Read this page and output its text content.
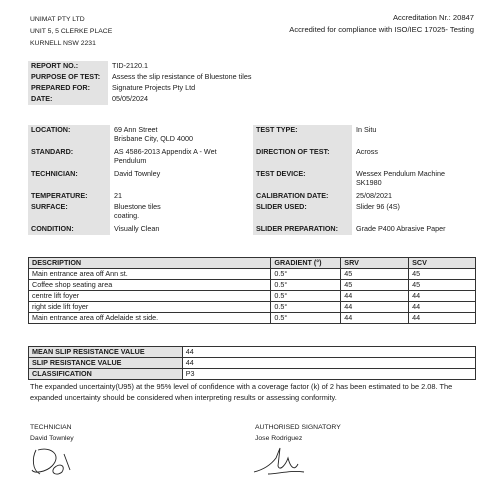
UNIMAT PTY LTD
UNIT 5, 5 CLERKE PLACE
KURNELL NSW 2231
Accreditation Nr.: 20847
Accredited for compliance with ISO/IEC 17025- Testing
REPORT NO.:	TID-2120.1
PURPOSE OF TEST:	Assess the slip resistance of Bluestone tiles
PREPARED FOR:	Signature Projects Pty Ltd
DATE:	05/05/2024
LOCATION:	69 Ann Street
Brisbane City, QLD 4000
STANDARD:	AS 4586-2013 Appendix A - Wet
Pendulum
TECHNICIAN:	David Townley
TEMPERATURE:	21
SURFACE:	Bluestone tiles
coating.
CONDITION:	Visually Clean
TEST TYPE:	In Situ
DIRECTION OF TEST:	Across
TEST DEVICE:	Wessex Pendulum Machine
SK1980
CALIBRATION DATE:	25/08/2021
SLIDER USED:	Slider 96 (4S)
SLIDER PREPARATION:	Grade P400 Abrasive Paper
DESCRIPTION	GRADIENT (°)	SRV	SCV
Main entrance area off Ann st.	0.5°	45	45
Coffee shop seating area	0.5°	45	45
centre lift foyer	0.5°	44	44
right side lift foyer	0.5°	44	44
Main entrance area off Adelaide st side.	0.5°	44	44
MEAN SLIP RESISTANCE VALUE	44
SLIP RESISTANCE VALUE	44
CLASSIFICATION	P3
The expanded uncertainty(U95) at the 95% level of confidence with a coverage factor (k) of 2 has been estimated to be 2.08. The expanded uncertainty should be considered when interpreting results or assessing conformity.
TECHNICIAN
David Townley
AUTHORISED SIGNATORY
Jose Rodriguez
